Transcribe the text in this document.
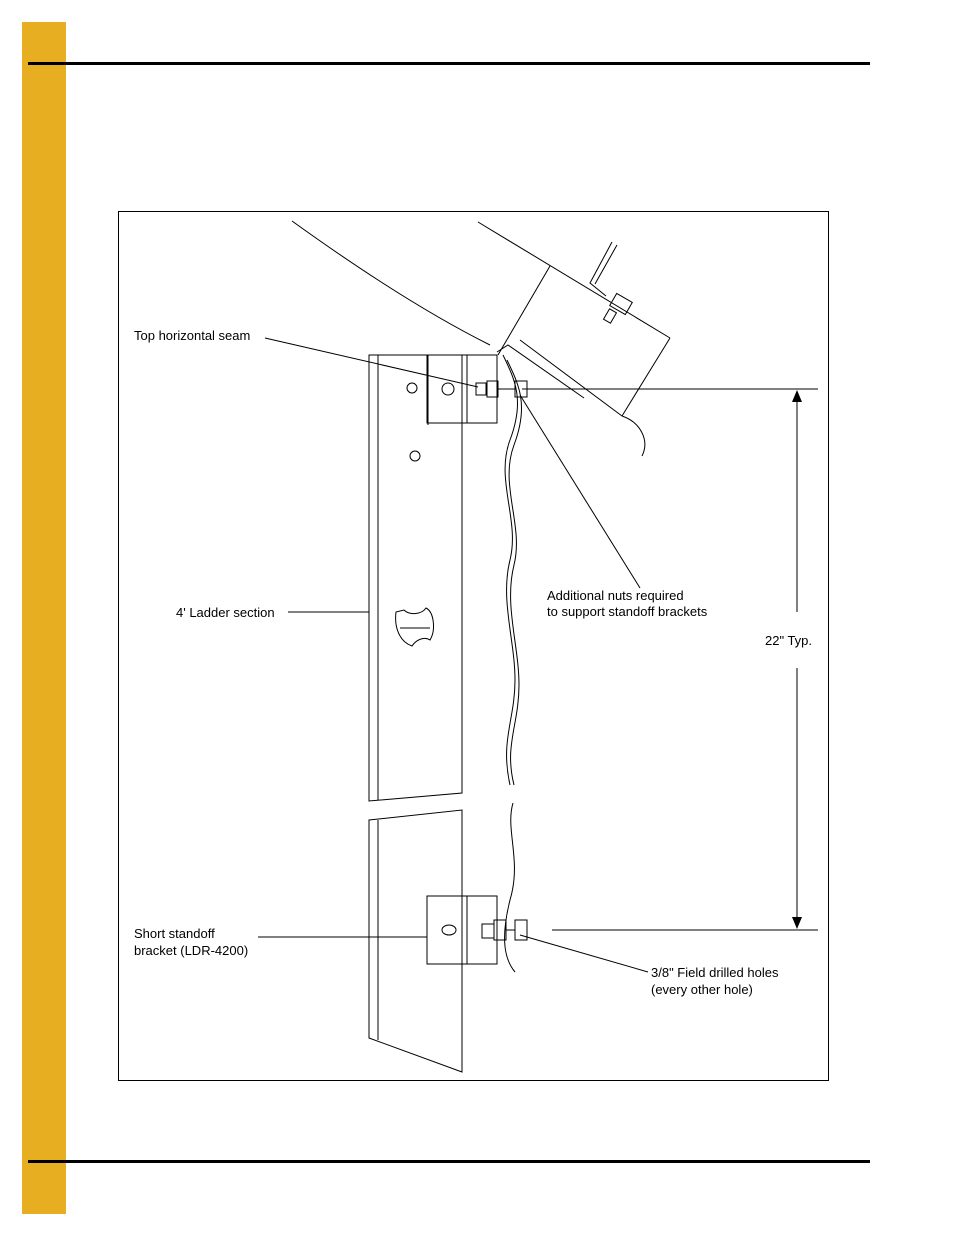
Top horizontal seam
4' Ladder section
Additional nuts required
to support standoff brackets
22" Typ.
Short standoff
bracket (LDR-4200)
3/8" Field drilled holes
(every other hole)
